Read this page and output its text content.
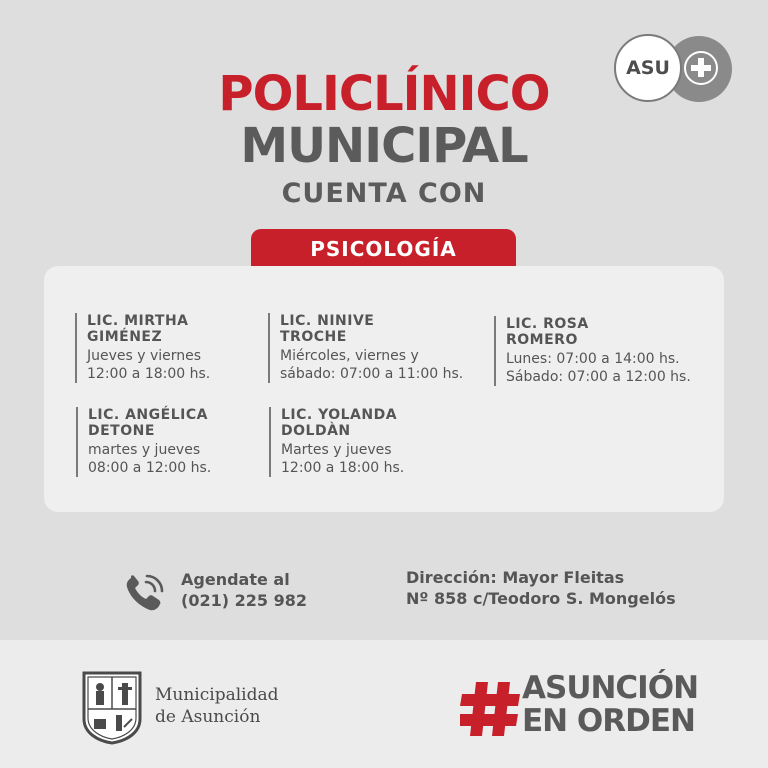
ASU
POLICLÍNICO
MUNICIPAL
CUENTA CON
PSICOLOGÍA
LIC. MIRTHA
GIMÉNEZ
Jueves y viernes
12:00 a 18:00 hs.
LIC. NINIVE
TROCHE
Miércoles, viernes y
sábado: 07:00 a 11:00 hs.
LIC. ROSA
ROMERO
Lunes: 07:00 a 14:00 hs.
Sábado: 07:00 a 12:00 hs.
LIC. ANGÉLICA
DETONE
martes y jueves
08:00 a 12:00 hs.
LIC. YOLANDA
DOLDÀN
Martes y jueves
12:00 a 18:00 hs.
Agendate al
(021) 225 982
Dirección: Mayor Fleitas
Nº 858 c/Teodoro S. Mongelós
Municipalidad
de Asunción
ASUNCIÓN
EN ORDEN
